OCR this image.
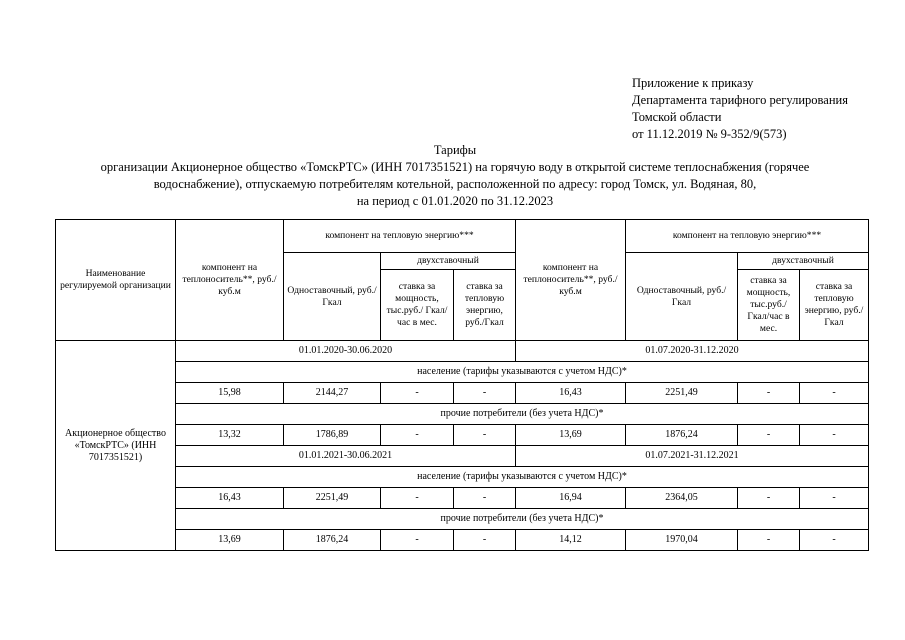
Приложение к приказу
Департамента тарифного регулирования
Томской области
от 11.12.2019 № 9-352/9(573)
Тарифы
организации Акционерное общество «ТомскРТС» (ИНН 7017351521) на горячую воду в открытой системе теплоснабжения (горячее
водоснабжение), отпускаемую потребителям котельной, расположенной по адресу: город Томск, ул. Водяная, 80,
на период с 01.01.2020 по 31.12.2023
Наименование регулируемой организации	компонент на теплоноситель**, руб./куб.м	компонент на тепловую энергию***			компонент на теплоноситель**, руб./куб.м	компонент на тепловую энергию***		
		Одноставочный, руб./Гкал	двухставочный			Одноставочный, руб./Гкал	двухставочный	
			ставка за мощность, тыс.руб./ Гкал/час в мес.	ставка за тепловую энергию, руб./Гкал			ставка за мощность, тыс.руб./ Гкал/час в мес.	ставка за тепловую энергию, руб./Гкал
Акционерное общество «ТомскРТС» (ИНН 7017351521)	01.01.2020-30.06.2020				01.07.2020-31.12.2020			
	население (тарифы указываются с учетом НДС)*							
	15,98	2144,27	-	-	16,43	2251,49	-	-
	прочие потребители (без учета НДС)*							
	13,32	1786,89	-	-	13,69	1876,24	-	-
	01.01.2021-30.06.2021				01.07.2021-31.12.2021			
	население (тарифы указываются с учетом НДС)*							
	16,43	2251,49	-	-	16,94	2364,05	-	-
	прочие потребители (без учета НДС)*							
	13,69	1876,24	-	-	14,12	1970,04	-	-
